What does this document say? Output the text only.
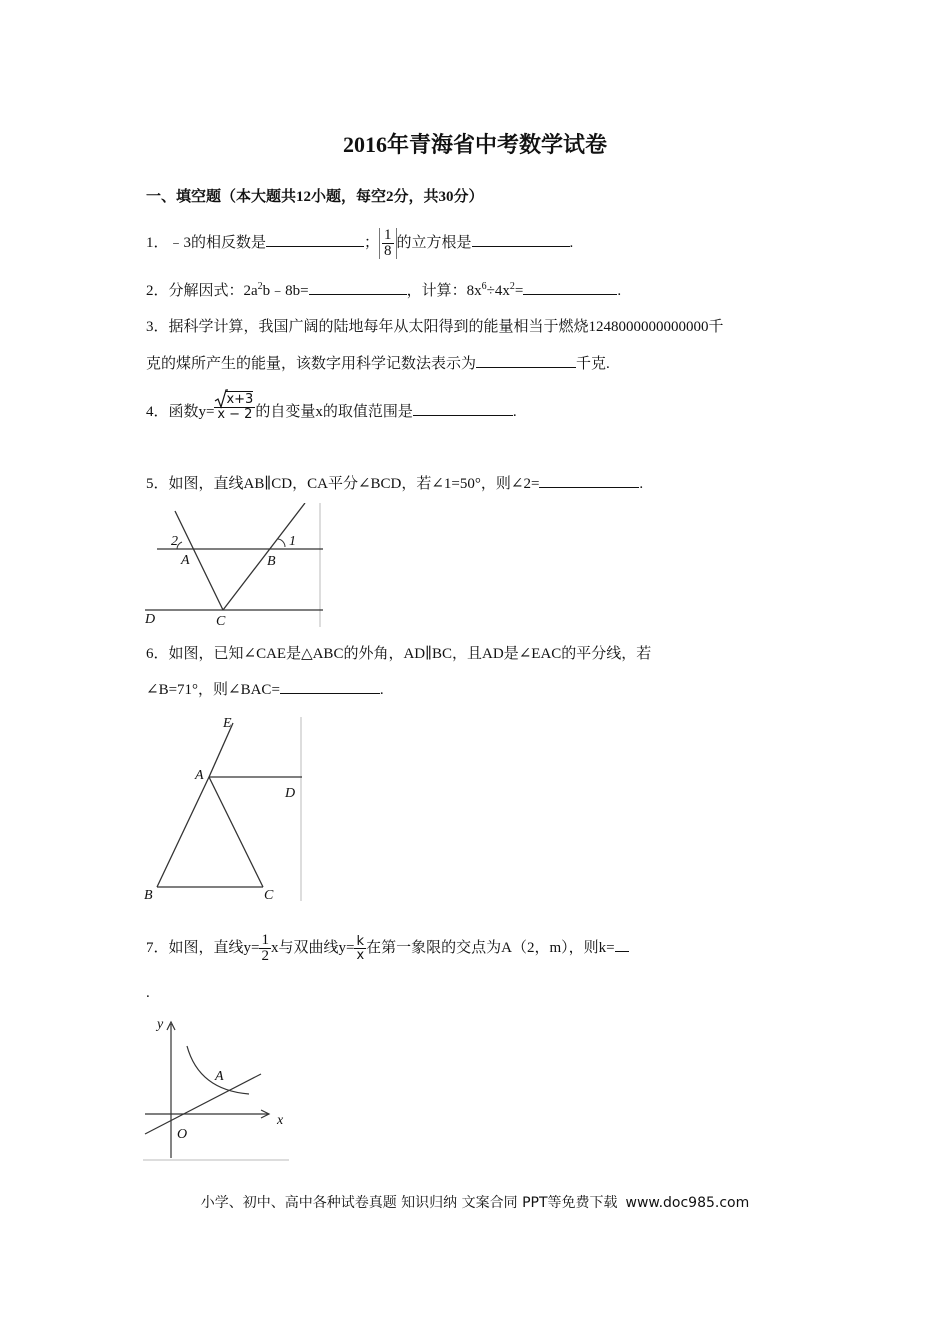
2016年青海省中考数学试卷
一、填空题（本大题共12小题，每空2分，共30分）
1．﹣3的相反数是	； $\frac{1}{8}$ 的立方根是	.
2．分解因式：$2a^2b﹣8b=$	，计算：$8x^6\div 4x^2=$	.
3．据科学计算，我国广阔的陆地每年从太阳得到的能量相当于燃烧1248000000000000千
克的煤所产生的能量，该数字用科学记数法表示为	千克.
4．函数$y= \frac{x+3}{x - 2}$ 的自变量x的取值范围是	.
5．如图，直线AB∥CD，CA平分∠BCD，若∠1=50°，则∠2=	.
2
A	B
1
D	C
6．如图，已知∠CAE是△ABC的外角，AD∥BC，且AD是∠EAC的平分线，若
∠B=71°，则∠BAC=	.
E
A
D
B	C
7．如图，直线$y= \frac{1}{2}$ x与双曲线$y= \frac{k}{x}$ 在第一象限的交点为A（2，m），则k=
.
y
A
x
O
小学、初中、高中各种试卷真题 知识归纳 文案合同 PPT等免费下载 www.doc985.com
